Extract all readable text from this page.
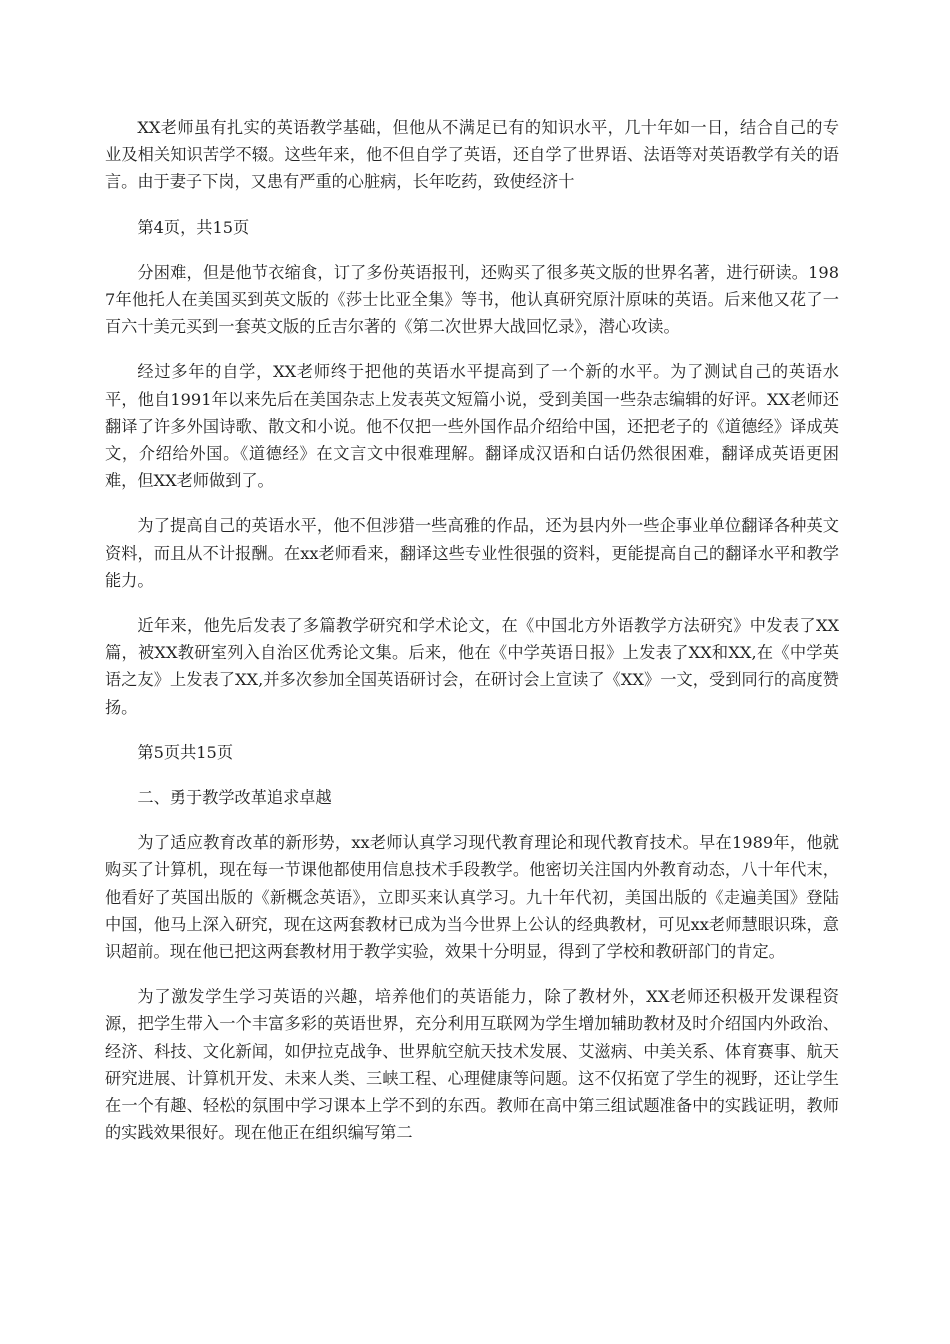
XX老师虽有扎实的英语教学基础，但他从不满足已有的知识水平，几十年如一日，结合自己的专业及相关知识苦学不辍。这些年来，他不但自学了英语，还自学了世界语、法语等对英语教学有关的语言。由于妻子下岗，又患有严重的心脏病，长年吃药，致使经济十

第4页，共15页

分困难，但是他节衣缩食，订了多份英语报刊，还购买了很多英文版的世界名著，进行研读。1987年他托人在美国买到英文版的《莎士比亚全集》等书，他认真研究原汁原味的英语。后来他又花了一百六十美元买到一套英文版的丘吉尔著的《第二次世界大战回忆录》，潜心攻读。

经过多年的自学，XX老师终于把他的英语水平提高到了一个新的水平。为了测试自己的英语水平，他自1991年以来先后在美国杂志上发表英文短篇小说，受到美国一些杂志编辑的好评。XX老师还翻译了许多外国诗歌、散文和小说。他不仅把一些外国作品介绍给中国，还把老子的《道德经》译成英文，介绍给外国。《道德经》在文言文中很难理解。翻译成汉语和白话仍然很困难，翻译成英语更困难，但XX老师做到了。

为了提高自己的英语水平，他不但涉猎一些高雅的作品，还为县内外一些企事业单位翻译各种英文资料，而且从不计报酬。在xx老师看来，翻译这些专业性很强的资料，更能提高自己的翻译水平和教学能力。

近年来，他先后发表了多篇教学研究和学术论文，在《中国北方外语教学方法研究》中发表了XX篇，被XX教研室列入自治区优秀论文集。后来，他在《中学英语日报》上发表了XX和XX,在《中学英语之友》上发表了XX,并多次参加全国英语研讨会，在研讨会上宣读了《XX》一文，受到同行的高度赞扬。

第5页共15页

二、勇于教学改革追求卓越

为了适应教育改革的新形势，xx老师认真学习现代教育理论和现代教育技术。早在1989年，他就购买了计算机，现在每一节课他都使用信息技术手段教学。他密切关注国内外教育动态，八十年代末，他看好了英国出版的《新概念英语》，立即买来认真学习。九十年代初，美国出版的《走遍美国》登陆中国，他马上深入研究，现在这两套教材已成为当今世界上公认的经典教材，可见xx老师慧眼识珠，意识超前。现在他已把这两套教材用于教学实验，效果十分明显，得到了学校和教研部门的肯定。

为了激发学生学习英语的兴趣，培养他们的英语能力，除了教材外，XX老师还积极开发课程资源，把学生带入一个丰富多彩的英语世界，充分利用互联网为学生增加辅助教材及时介绍国内外政治、经济、科技、文化新闻，如伊拉克战争、世界航空航天技术发展、艾滋病、中美关系、体育赛事、航天研究进展、计算机开发、未来人类、三峡工程、心理健康等问题。这不仅拓宽了学生的视野，还让学生在一个有趣、轻松的氛围中学习课本上学不到的东西。教师在高中第三组试题准备中的实践证明，教师的实践效果很好。现在他正在组织编写第二
